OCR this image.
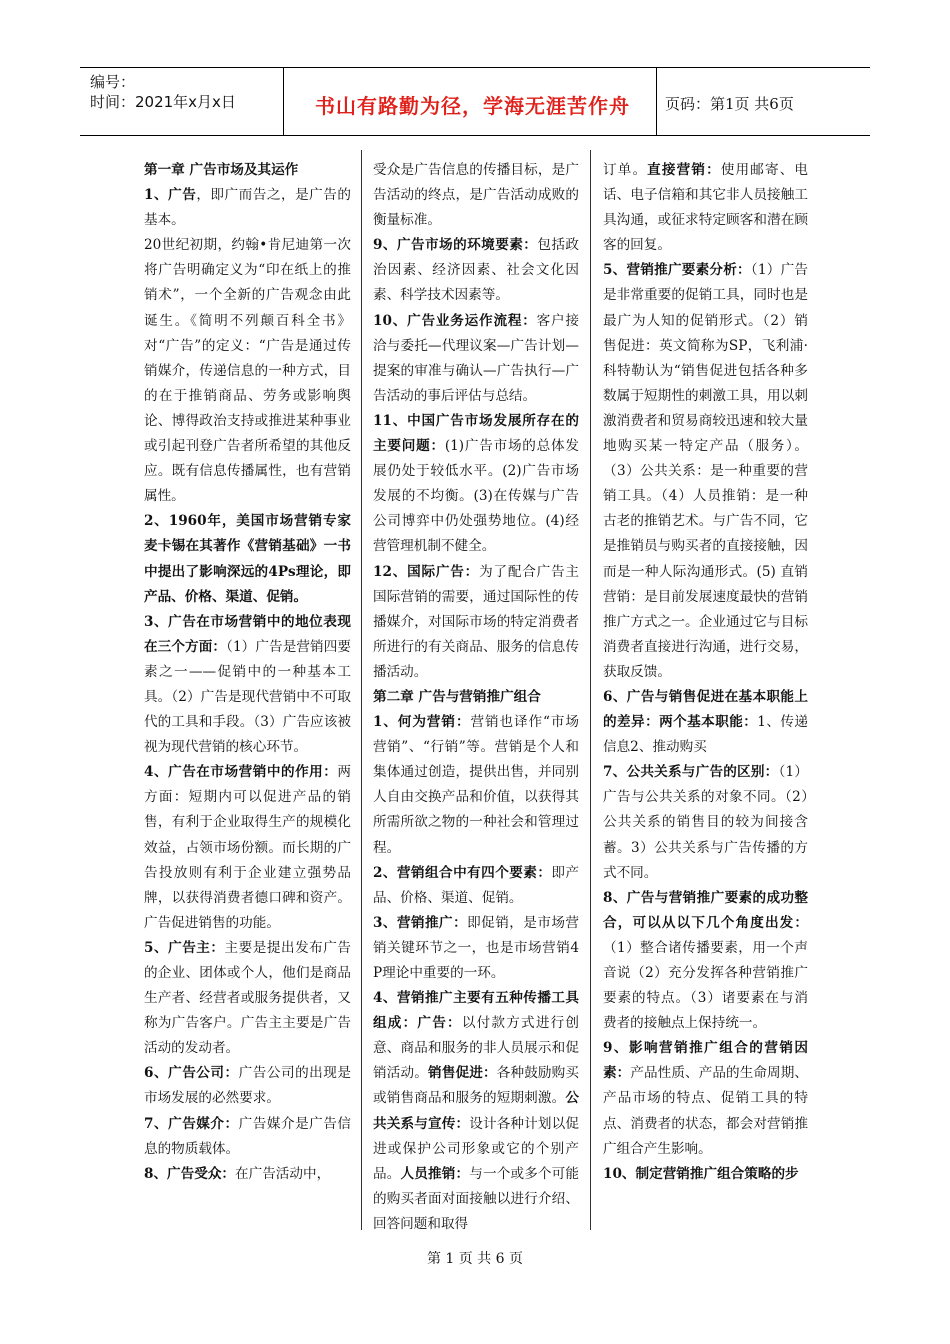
编号：
时间：2021年x月x日	书山有路勤为径，学海无涯苦作舟	页码：第1页 共6页

第一章 广告市场及其运作

1、广告，即广而告之，是广告的基本。

20世纪初期，约翰•肯尼迪第一次将广告明确定义为“印在纸上的推销术”，一个全新的广告观念由此诞生。《简明不列颠百科全书》对“广告”的定义：“广告是通过传销媒介，传递信息的一种方式，目的在于推销商品、劳务或影响舆论、博得政治支持或推进某种事业或引起刊登广告者所希望的其他反应。既有信息传播属性，也有营销属性。

2、1960年，美国市场营销专家麦卡锡在其著作《营销基础》一书中提出了影响深远的4Ps理论，即产品、价格、渠道、促销。

3、广告在市场营销中的地位表现在三个方面：（1）广告是营销四要素之一——促销中的一种基本工具。（2）广告是现代营销中不可取代的工具和手段。（3）广告应该被视为现代营销的核心环节。

4、广告在市场营销中的作用：两方面：短期内可以促进产品的销售，有利于企业取得生产的规模化效益，占领市场份额。而长期的广告投放则有利于企业建立强势品牌，以获得消费者德口碑和资产。广告促进销售的功能。

5、广告主：主要是提出发布广告的企业、团体或个人，他们是商品生产者、经营者或服务提供者，又称为广告客户。广告主主要是广告活动的发动者。

6、广告公司：广告公司的出现是市场发展的必然要求。

7、广告媒介：广告媒介是广告信息的物质载体。

8、广告受众：在广告活动中，

受众是广告信息的传播目标，是广告活动的终点，是广告活动成败的衡量标准。

9、广告市场的环境要素：包括政治因素、经济因素、社会文化因素、科学技术因素等。

10、广告业务运作流程：客户接洽与委托—代理议案—广告计划—提案的审准与确认—广告执行—广告活动的事后评估与总结。

11、中国广告市场发展所存在的主要问题：(1)广告市场的总体发展仍处于较低水平。(2)广告市场发展的不均衡。(3)在传媒与广告公司博弈中仍处强势地位。(4)经营管理机制不健全。

12、国际广告：为了配合广告主国际营销的需要，通过国际性的传播媒介，对国际市场的特定消费者所进行的有关商品、服务的信息传播活动。

第二章 广告与营销推广组合

1、何为营销：营销也译作“市场营销”、“行销”等。营销是个人和集体通过创造，提供出售，并同别人自由交换产品和价值，以获得其所需所欲之物的一种社会和管理过程。

2、营销组合中有四个要素：即产品、价格、渠道、促销。

3、营销推广：即促销，是市场营销关键环节之一，也是市场营销4P理论中重要的一环。

4、营销推广主要有五种传播工具组成：广告：以付款方式进行创意、商品和服务的非人员展示和促销活动。销售促进：各种鼓励购买或销售商品和服务的短期刺激。公共关系与宣传：设计各种计划以促进或保护公司形象或它的个别产品。人员推销：与一个或多个可能的购买者面对面接触以进行介绍、回答问题和取得

订单。直接营销：使用邮寄、电话、电子信箱和其它非人员接触工具沟通，或征求特定顾客和潜在顾客的回复。

5、营销推广要素分析：（1）广告是非常重要的促销工具，同时也是最广为人知的促销形式。（2）销售促进：英文简称为SP，飞利浦·科特勒认为“销售促进包括各种多数属于短期性的刺激工具，用以刺激消费者和贸易商较迅速和较大量地购买某一特定产品（服务）。（3）公共关系：是一种重要的营销工具。（4）人员推销：是一种古老的推销艺术。与广告不同，它是推销员与购买者的直接接触，因而是一种人际沟通形式。(5) 直销营销：是目前发展速度最快的营销推广方式之一。企业通过它与目标消费者直接进行沟通，进行交易，获取反馈。

6、广告与销售促进在基本职能上的差异：两个基本职能：1、传递信息2、推动购买

7、公共关系与广告的区别：（1）广告与公共关系的对象不同。（2）公共关系的销售目的较为间接含蓄。3）公共关系与广告传播的方式不同。

8、广告与营销推广要素的成功整合，可以从以下几个角度出发：（1）整合诸传播要素，用一个声音说（2）充分发挥各种营销推广要素的特点。（3）诸要素在与消费者的接触点上保持统一。

9、影响营销推广组合的营销因素：产品性质、产品的生命周期、产品市场的特点、促销工具的特点、消费者的状态，都会对营销推广组合产生影响。

10、制定营销推广组合策略的步

第 1 页 共 6 页
